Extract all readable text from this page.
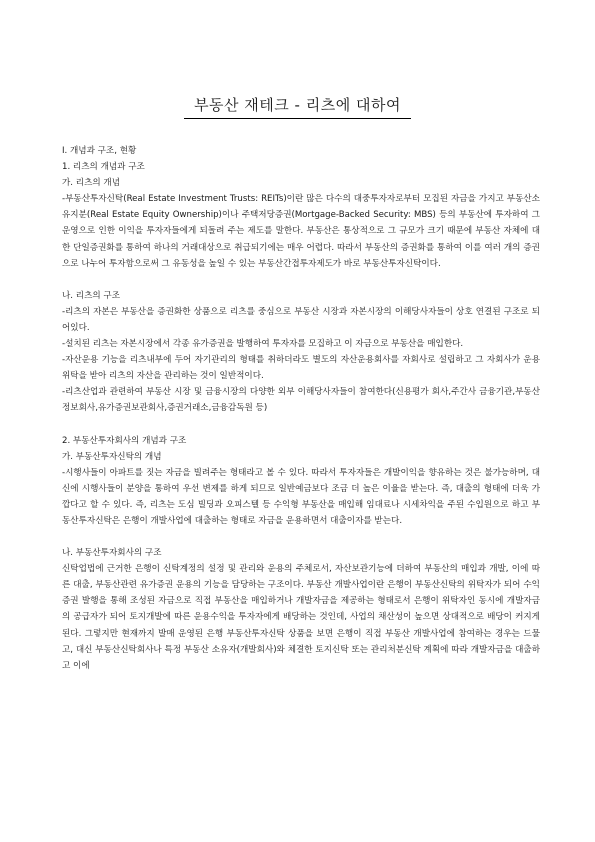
부동산 재테크 - 리츠에 대하여

Ⅰ. 개념과 구조, 현황

1. 리츠의 개념과 구조

가. 리츠의 개념

-부동산투자신탁(Real Estate Investment Trusts: REITs)이란 많은 다수의 대중투자자로부터 모집된 자금을 가지고 부동산소유지분(Real Estate Equity Ownership)이나 주택저당증권(Mortgage-Backed Security: MBS) 등의 부동산에 투자하여 그 운영으로 인한 이익을 투자자들에게 되돌려 주는 제도를 말한다. 부동산은 통상적으로 그 규모가 크기 때문에 부동산 자체에 대한 단일증권화를 통하여 하나의 거래대상으로 취급되기에는 매우 어렵다. 따라서 부동산의 증권화를 통하여 이를 여러 개의 증권으로 나누어 투자함으로써 그 유동성을 높일 수 있는 부동산간접투자제도가 바로 부동산투자신탁이다.

나. 리츠의 구조

-리츠의 자본은 부동산을 증권화한 상품으로 리츠를 중심으로 부동산 시장과 자본시장의 이해당사자들이 상호 연결된 구조로 되어있다.

-설치된 리츠는 자본시장에서 각종 유가증권을 발행하여 투자자를 모집하고 이 자금으로 부동산을 매입한다.

-자산운용 기능을 리츠내부에 두어 자기관리의 형태를 취하더라도 별도의 자산운용회사를 자회사로 설립하고 그 자회사가 운용위탁을 받아 리츠의 자산을 관리하는 것이 일반적이다.

-리츠산업과 관련하여 부동산 시장 및 금융시장의 다양한 외부 이해당사자들이 참여한다(신용평가 회사,주간사 금융기관,부동산정보회사,유가증권보관회사,증권거래소,금융감독원 등)

2. 부동산투자회사의 개념과 구조

가. 부동산투자신탁의 개념

-시행사들이 아파트를 짓는 자금을 빌려주는 형태라고 볼 수 있다. 따라서 투자자들은 개발이익을 향유하는 것은 불가능하며, 대신에 시행사들이 분양을 통하여 우선 변제를 하게 되므로 일반예금보다 조금 더 높은 이율을 받는다. 즉, 대출의 형태에 더욱 가깝다고 할 수 있다. 즉, 리츠는 도심 빌딩과 오피스텔 등 수익형 부동산을 매입해 임대료나 시세차익을 주된 수입원으로 하고 부동산투자신탁은 은행이 개발사업에 대출하는 형태로 자금을 운용하면서 대출이자를 받는다.

나. 부동산투자회사의 구조

신탁업법에 근거한 은행이 신탁계정의 설정 및 관리와 운용의 주체로서, 자산보관기능에 더하여 부동산의 매입과 개발, 이에 따른 대출, 부동산관련 유가증권 운용의 기능을 담당하는 구조이다. 부동산 개발사업이란 은행이 부동산신탁의 위탁자가 되어 수익증권 발행을 통해 조성된 자금으로 직접 부동산을 매입하거나 개발자금을 제공하는 형태로서 은행이 위탁자인 동시에 개발자금의 공급자가 되어 토지개발에 따른 운용수익을 투자자에게 배당하는 것인데, 사업의 채산성이 높으면 상대적으로 배당이 커지게 된다. 그렇지만 현재까지 발매 운영된 은행 부동산투자신탁 상품을 보면 은행이 직접 부동산 개발사업에 참여하는 경우는 드물고, 대신 부동산신탁회사나 특정 부동산 소유자(개발회사)와 체결한 토지신탁 또는 관리처분신탁 계획에 따라 개발자금을 대출하고 이에
